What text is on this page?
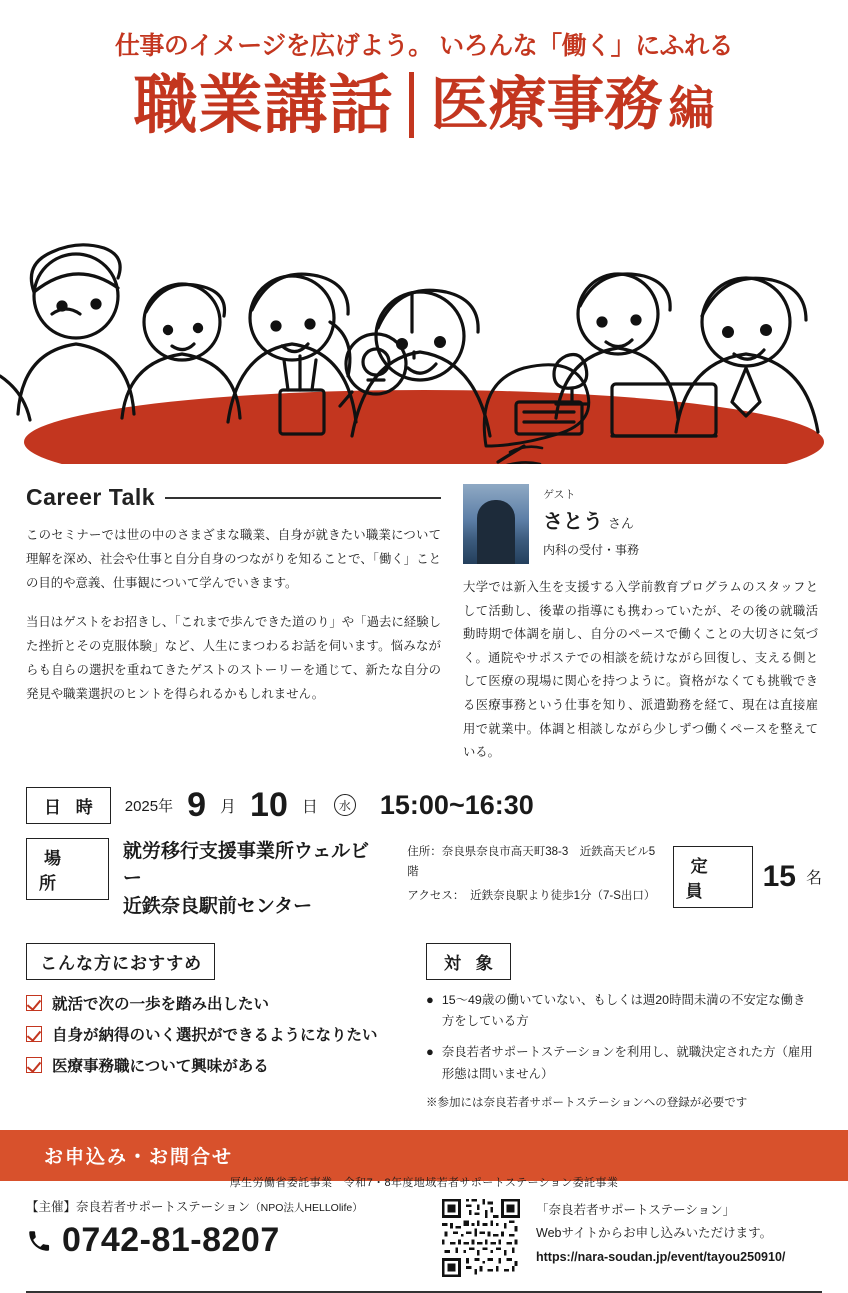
仕事のイメージを広げよう。 いろんな「働く」にふれる
職業講話 医療事務 編
Career Talk

このセミナーでは世の中のさまざまな職業、自身が就きたい職業について理解を深め、社会や仕事と自分自身のつながりを知ることで、「働く」ことの目的や意義、仕事観について学んでいきます。

当日はゲストをお招きし、「これまで歩んできた道のり」や「過去に経験した挫折とその克服体験」など、人生にまつわるお話を伺います。悩みながらも自らの選択を重ねてきたゲストのストーリーを通じて、新たな自分の発見や職業選択のヒントを得られるかもしれません。

ゲスト
さとう さん
内科の受付・事務

大学では新入生を支援する入学前教育プログラムのスタッフとして活動し、後輩の指導にも携わっていたが、その後の就職活動時期で体調を崩し、自分のペースで働くことの大切さに気づく。通院やサポステでの相談を続けながら回復し、支える側として医療の現場に関心を持つように。資格がなくても挑戦できる医療事務という仕事を知り、派遣勤務を経て、現在は直接雇用で就業中。体調と相談しながら少しずつ働くペースを整えている。

日 時	2025年 9 月 10 日	水 15:00~16:30
場 所
就労移行支援事業所ウェルビー
近鉄奈良駅前センター
住所：奈良県奈良市高天町38-3　近鉄高天ビル5階
アクセス：　近鉄奈良駅より徒歩1分（7-S出口）
定 員	15 名
こんな方におすすめ
就活で次の一歩を踏み出したい
自身が納得のいく選択ができるようになりたい
医療事務職について興味がある
対 象
● 15〜49歳の働いていない、もしくは週20時間未満の不安定な働き方をしている方
● 奈良若者サポートステーションを利用し、就職決定された方（雇用形態は問いません）
※参加には奈良若者サポートステーションへの登録が必要です
お申込み・お問合せ
【主催】奈良若者サポートステーション（NPO法人HELLOlife）
0742-81-8207
「奈良若者サポートステーション」
Webサイトからお申し込みいただけます。
https://nara-soudan.jp/event/tayou250910/
厚生労働省委託事業　令和7・8年度地域若者サポートステーション委託事業
